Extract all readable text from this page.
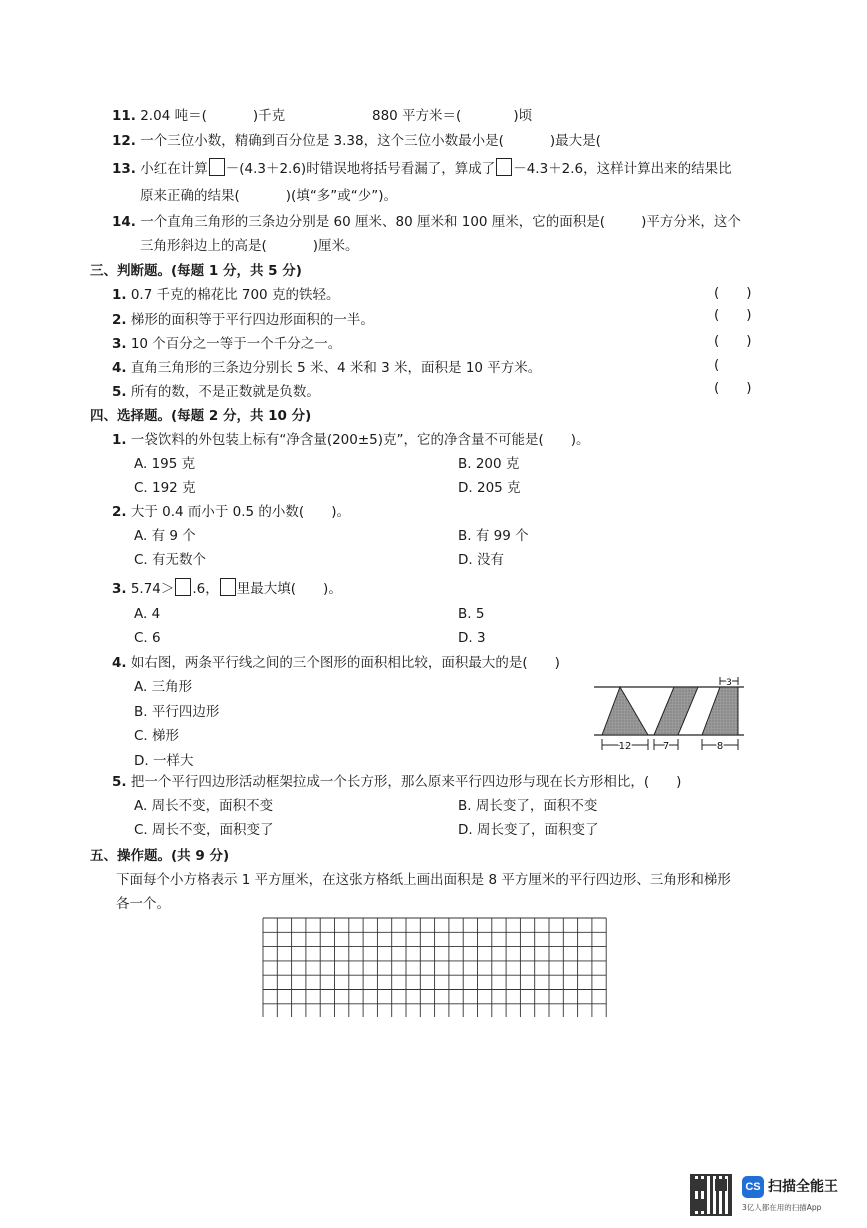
11. 2.04 吨＝(	)千克	880 平方米＝(	)顷
12. 一个三位小数，精确到百分位是 3.38，这个三位小数最小是(	)最大是(
13. 小红在计算 －(4.3＋2.6)时错误地将括号看漏了，算成了 －4.3＋2.6，这样计算出来的结果比
原来正确的结果(	)(填“多”或“少”)。
14. 一个直角三角形的三条边分别是 60 厘米、80 厘米和 100 厘米，它的面积是(	)平方分米，这个
三角形斜边上的高是(	)厘米。
三、判断题。(每题 1 分，共 5 分)
1. 0.7 千克的棉花比 700 克的铁轻。	(　　)
2. 梯形的面积等于平行四边形面积的一半。	(　　)
3. 10 个百分之一等于一个千分之一。	(　　)
4. 直角三角形的三条边分别长 5 米、4 米和 3 米，面积是 10 平方米。	(
5. 所有的数，不是正数就是负数。	(　　)
四、选择题。(每题 2 分，共 10 分)
1. 一袋饮料的外包装上标有“净含量(200±5)克”，它的净含量不可能是(　　)。
A. 195 克	B. 200 克
C. 192 克	D. 205 克
2. 大于 0.4 而小于 0.5 的小数(　　)。
A. 有 9 个	B. 有 99 个
C. 有无数个	D. 没有
3. 5.74＞ .6， 里最大填(　　)。
A. 4	B. 5
C. 6	D. 3
4. 如右图，两条平行线之间的三个图形的面积相比较，面积最大的是(　　)
A. 三角形
B. 平行四边形
C. 梯形
D. 一样大
12	7	8
3
5. 把一个平行四边形活动框架拉成一个长方形，那么原来平行四边形与现在长方形相比，(　　)
A. 周长不变，面积不变	B. 周长变了，面积不变
C. 周长不变，面积变了	D. 周长变了，面积变了
五、操作题。(共 9 分)
下面每个小方格表示 1 平方厘米，在这张方格纸上画出面积是 8 平方厘米的平行四边形、三角形和梯形
各一个。
CS 扫描全能王
3亿人都在用的扫描App
